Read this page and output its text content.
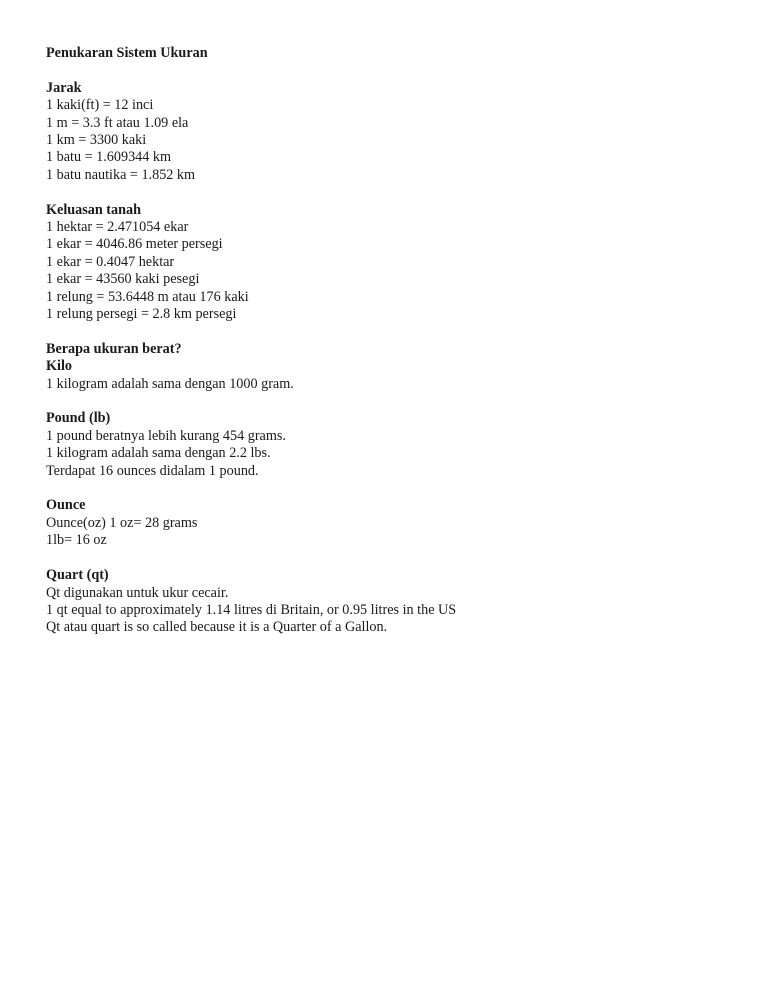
Penukaran Sistem Ukuran
Jarak
1 kaki(ft) = 12 inci
1 m = 3.3 ft atau 1.09 ela
1 km = 3300 kaki
1 batu = 1.609344 km
1 batu nautika = 1.852 km
Keluasan tanah
1 hektar = 2.471054 ekar
1 ekar = 4046.86 meter persegi
1 ekar = 0.4047 hektar
1 ekar = 43560 kaki pesegi
1 relung = 53.6448 m atau 176 kaki
1 relung persegi = 2.8 km persegi
Berapa ukuran berat?
Kilo
1 kilogram adalah sama dengan 1000 gram.
Pound (lb)
1 pound beratnya lebih kurang 454 grams.
1 kilogram adalah sama dengan 2.2 lbs.
Terdapat 16 ounces didalam 1 pound.
Ounce
Ounce(oz) 1 oz= 28 grams
1lb= 16 oz
Quart (qt)
Qt digunakan untuk ukur cecair.
1 qt equal to approximately 1.14 litres di Britain, or 0.95 litres in the US
Qt atau quart is so called because it is a Quarter of a Gallon.
